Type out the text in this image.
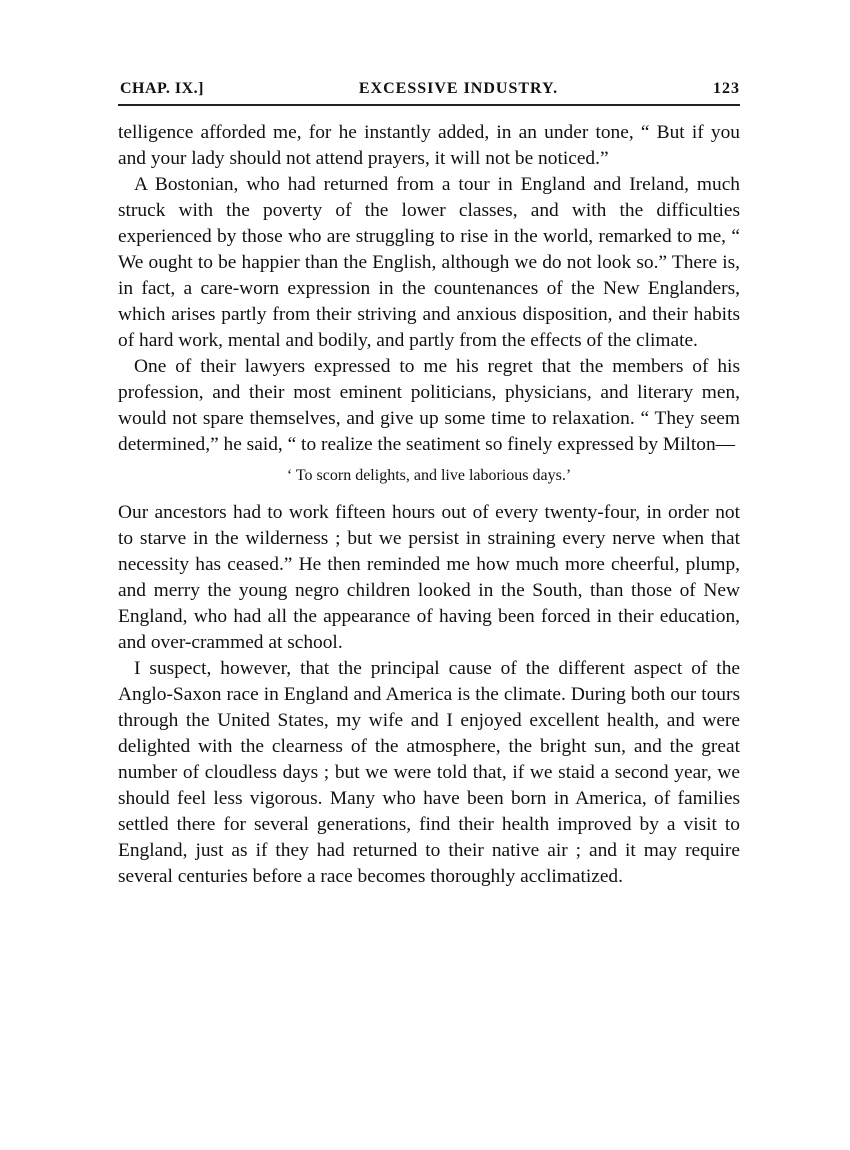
CHAP. IX.]	EXCESSIVE INDUSTRY.	123

telligence afforded me, for he instantly added, in an under tone, “ But if you and your lady should not attend prayers, it will not be noticed.”

A Bostonian, who had returned from a tour in England and Ireland, much struck with the poverty of the lower classes, and with the difficulties experienced by those who are struggling to rise in the world, remarked to me, “ We ought to be happier than the English, although we do not look so.” There is, in fact, a care-worn expression in the countenances of the New Englanders, which arises partly from their striving and anxious disposition, and their habits of hard work, mental and bodily, and partly from the effects of the climate.

One of their lawyers expressed to me his regret that the members of his profession, and their most eminent politicians, physicians, and literary men, would not spare themselves, and give up some time to relaxation. “ They seem determined,” he said, “ to realize the seatiment so finely expressed by Milton—

‘ To scorn delights, and live laborious days.’

Our ancestors had to work fifteen hours out of every twenty-four, in order not to starve in the wilderness ; but we persist in straining every nerve when that necessity has ceased.” He then reminded me how much more cheerful, plump, and merry the young negro children looked in the South, than those of New England, who had all the appearance of having been forced in their education, and over-crammed at school.

I suspect, however, that the principal cause of the different aspect of the Anglo-Saxon race in England and America is the climate. During both our tours through the United States, my wife and I enjoyed excellent health, and were delighted with the clearness of the atmosphere, the bright sun, and the great number of cloudless days ; but we were told that, if we staid a second year, we should feel less vigorous. Many who have been born in America, of families settled there for several generations, find their health improved by a visit to England, just as if they had returned to their native air ; and it may require several centuries before a race becomes thoroughly acclimatized.
